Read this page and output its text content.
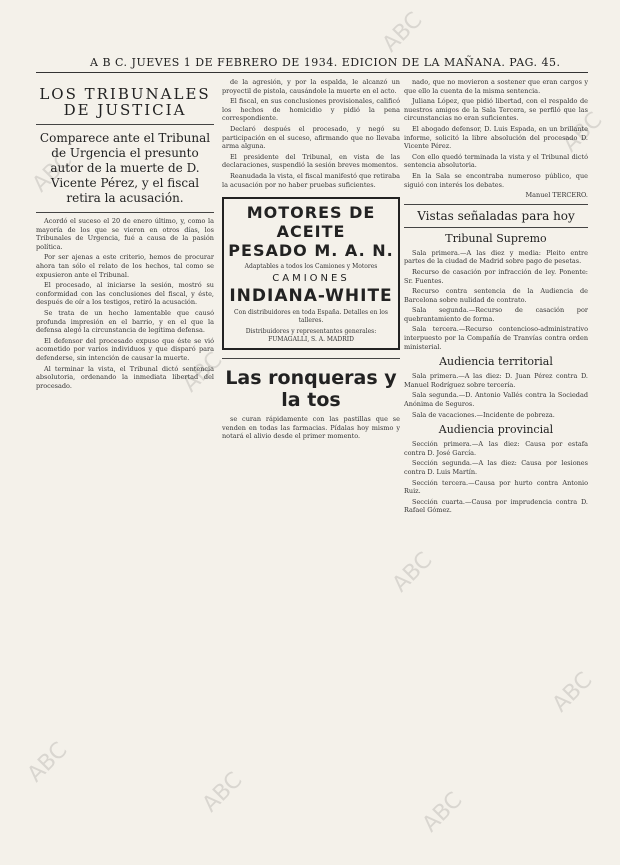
A B C. JUEVES 1 DE FEBRERO DE 1934. EDICION DE LA MAÑANA. PAG. 45.
LOS TRIBUNALES
DE JUSTICIA
Comparece ante el Tribunal de Urgencia el presunto autor de la muerte de D. Vicente Pérez, y el fiscal retira la acusación.

Acordó el suceso el 20 de enero último, y, como la mayoría de los que se vieron en otros días, los Tribunales de Urgencia, fué a causa de la pasión política.

Por ser ajenas a este criterio, hemos de procurar ahora tan sólo el relato de los hechos, tal como se expusieron ante el Tribunal.

El procesado, al iniciarse la sesión, mostró su conformidad con las conclusiones del fiscal, y éste, después de oír a los testigos, retiró la acusación.

Se trata de un hecho lamentable que causó profunda impresión en el barrio, y en el que la defensa alegó la circunstancia de legítima defensa.

El defensor del procesado expuso que éste se vió acometido por varios individuos y que disparó para defenderse, sin intención de causar la muerte.

Al terminar la vista, el Tribunal dictó sentencia absolutoria, ordenando la inmediata libertad del procesado.

de la agresión, y por la espalda, le alcanzó un proyectil de pistola, causándole la muerte en el acto.

El fiscal, en sus conclusiones provisionales, calificó los hechos de homicidio y pidió la pena correspondiente.

Declaró después el procesado, y negó su participación en el suceso, afirmando que no llevaba arma alguna.

El presidente del Tribunal, en vista de las declaraciones, suspendió la sesión breves momentos.

Reanudada la vista, el fiscal manifestó que retiraba la acusación por no haber pruebas suficientes.

MOTORES DE ACEITE
PESADO M. A. N.
Adaptables a todos los Camiones y Motores
CAMIONES
INDIANA-WHITE
Con distribuidores en toda España. Detalles en los talleres.
Distribuidores y representantes generales: FUMAGALLI, S. A. MADRID
Las ronqueras y la tos

se curan rápidamente con las pastillas que se venden en todas las farmacias. Pídalas hoy mismo y notará el alivio desde el primer momento.

nado, que no movieron a sostener que eran cargos y que ello la cuenta de la misma sentencia.

Juliana López, que pidió libertad, con el respaldo de nuestros amigos de la Sala Tercera, se perfiló que las circunstancias no eran suficientes.

El abogado defensor, D. Luis Espada, en un brillante informe, solicitó la libre absolución del procesado D. Vicente Pérez.

Con ello quedó terminada la vista y el Tribunal dictó sentencia absolutoria.

En la Sala se encontraba numeroso público, que siguió con interés los debates.

Manuel TERCERO.

Vistas señaladas para hoy
Tribunal Supremo

Sala primera.—A las diez y media: Pleito entre partes de la ciudad de Madrid sobre pago de pesetas.

Recurso de casación por infracción de ley. Ponente: Sr. Fuentes.

Recurso contra sentencia de la Audiencia de Barcelona sobre nulidad de contrato.

Sala segunda.—Recurso de casación por quebrantamiento de forma.

Sala tercera.—Recurso contencioso-administrativo interpuesto por la Compañía de Tranvías contra orden ministerial.

Audiencia territorial

Sala primera.—A las diez: D. Juan Pérez contra D. Manuel Rodríguez sobre tercería.

Sala segunda.—D. Antonio Vallés contra la Sociedad Anónima de Seguros.

Sala de vacaciones.—Incidente de pobreza.

Audiencia provincial

Sección primera.—A las diez: Causa por estafa contra D. José García.

Sección segunda.—A las diez: Causa por lesiones contra D. Luis Martín.

Sección tercera.—Causa por hurto contra Antonio Ruiz.

Sección cuarta.—Causa por imprudencia contra D. Rafael Gómez.

ABC
ABC
ABC
ABC
ABC
ABC
ABC
ABC
ABC
